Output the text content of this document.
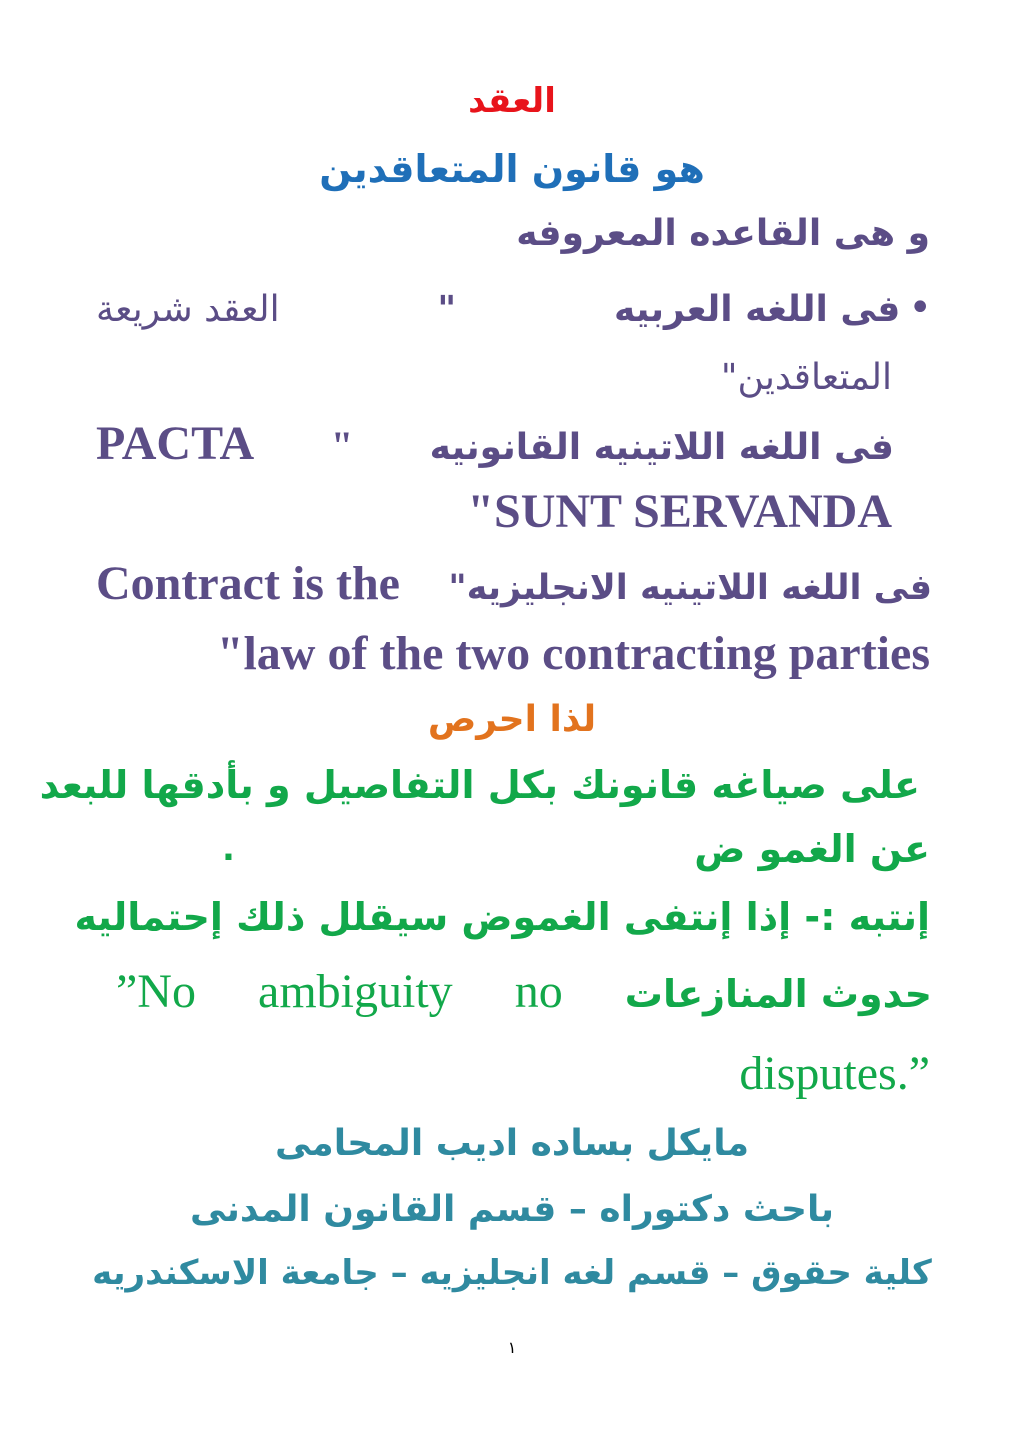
العقد
هو قانون المتعاقدين
و هى القاعده المعروفه
العقد شريعة	"	•
فى اللغه العربيه
المتعاقدين"
PACTA " فى اللغه اللاتينيه القانونيه
"SUNT SERVANDA
Contract is the فى اللغه اللاتينيه الانجليزيه"
"law of the two contracting parties
لذا احرص
على صياغه قانونك بكل التفاصيل و بأدقها للبعد
عن الغمو ض
.
إنتبه :- إذا إنتفى الغموض سيقلل ذلك إحتماليه
”No ambiguity no حدوث المنازعات
disputes.”
مايكل بساده اديب المحامى
باحث دكتوراه – قسم القانون المدنى
كلية حقوق – قسم لغه انجليزيه – جامعة الاسكندريه
١
